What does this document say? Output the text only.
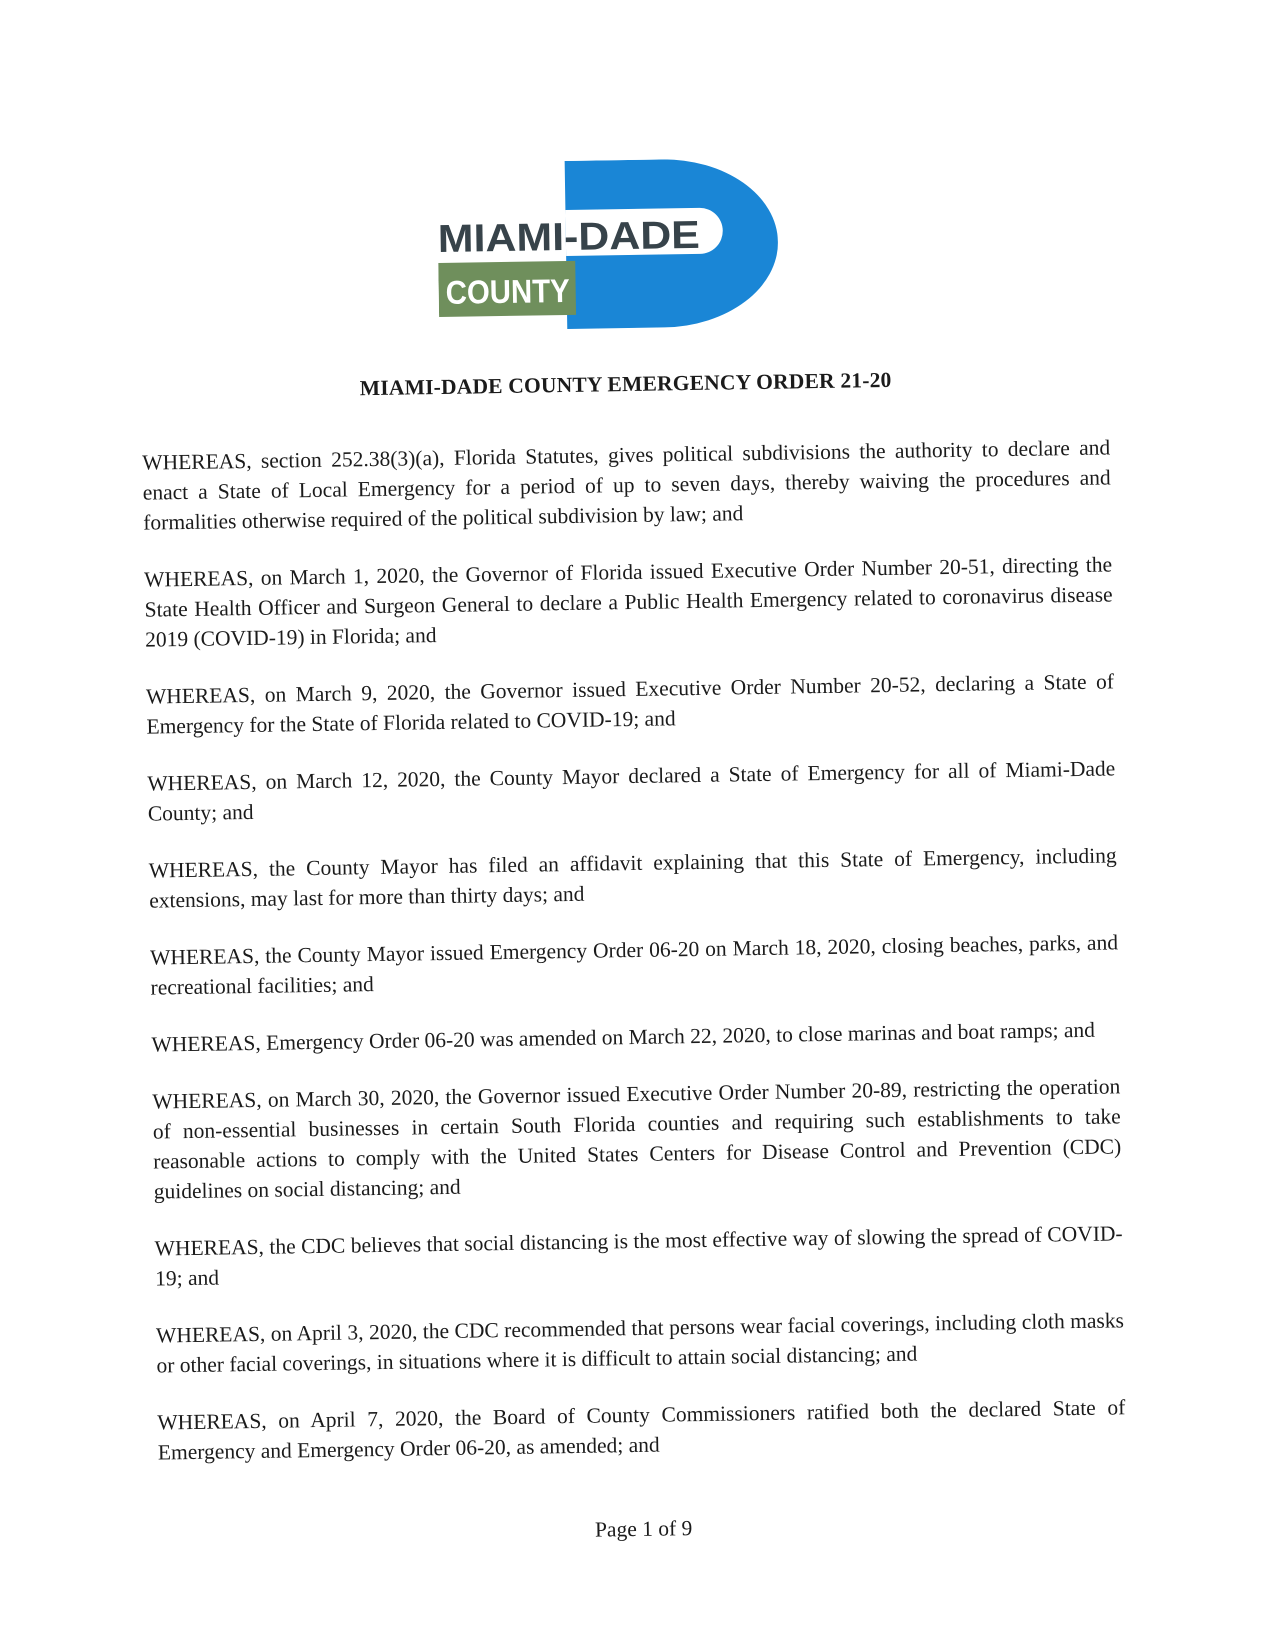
MIAMI-DADE
COUNTY
MIAMI-DADE COUNTY EMERGENCY ORDER 21-20

WHEREAS, section 252.38(3)(a), Florida Statutes, gives political subdivisions the authority to declare and enact a State of Local Emergency for a period of up to seven days, thereby waiving the procedures and formalities otherwise required of the political subdivision by law; and

WHEREAS, on March 1, 2020, the Governor of Florida issued Executive Order Number 20-51, directing the State Health Officer and Surgeon General to declare a Public Health Emergency related to coronavirus disease 2019 (COVID-19) in Florida; and

WHEREAS, on March 9, 2020, the Governor issued Executive Order Number 20-52, declaring a State of Emergency for the State of Florida related to COVID-19; and

WHEREAS, on March 12, 2020, the County Mayor declared a State of Emergency for all of Miami-Dade County; and

WHEREAS, the County Mayor has filed an affidavit explaining that this State of Emergency, including extensions, may last for more than thirty days; and

WHEREAS, the County Mayor issued Emergency Order 06-20 on March 18, 2020, closing beaches, parks, and recreational facilities; and

WHEREAS, Emergency Order 06-20 was amended on March 22, 2020, to close marinas and boat ramps; and

WHEREAS, on March 30, 2020, the Governor issued Executive Order Number 20-89, restricting the operation of non-essential businesses in certain South Florida counties and requiring such establishments to take reasonable actions to comply with the United States Centers for Disease Control and Prevention (CDC) guidelines on social distancing; and

WHEREAS, the CDC believes that social distancing is the most effective way of slowing the spread of COVID-19; and

WHEREAS, on April 3, 2020, the CDC recommended that persons wear facial coverings, including cloth masks or other facial coverings, in situations where it is difficult to attain social distancing; and

WHEREAS, on April 7, 2020, the Board of County Commissioners ratified both the declared State of Emergency and Emergency Order 06-20, as amended; and

Page 1 of 9
